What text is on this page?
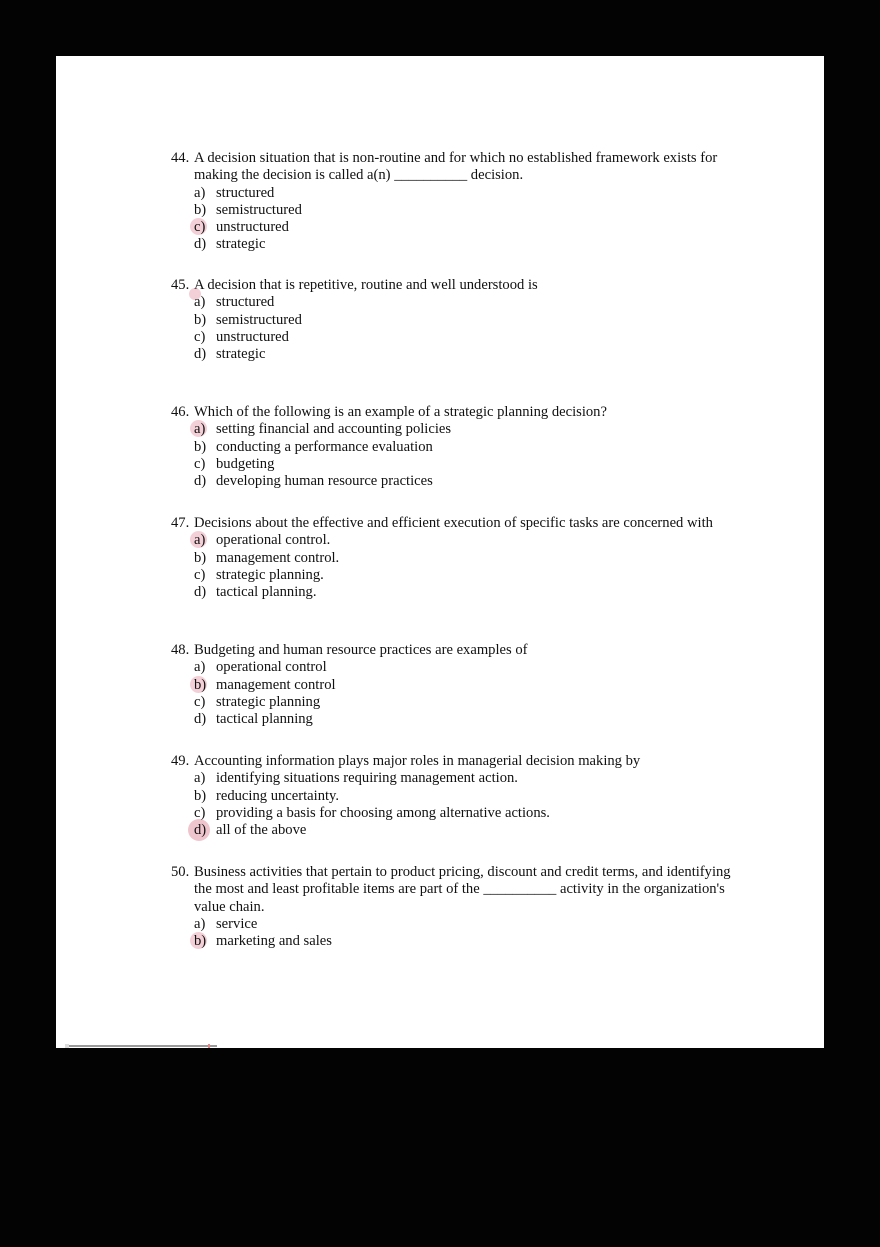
44. A decision situation that is non-routine and for which no established framework exists for making the decision is called a(n) __________ decision.
a) structured
b) semistructured
c) unstructured
d) strategic
45. A decision that is repetitive, routine and well understood is
a) structured
b) semistructured
c) unstructured
d) strategic
46. Which of the following is an example of a strategic planning decision?
a) setting financial and accounting policies
b) conducting a performance evaluation
c) budgeting
d) developing human resource practices
47. Decisions about the effective and efficient execution of specific tasks are concerned with
a) operational control.
b) management control.
c) strategic planning.
d) tactical planning.
48. Budgeting and human resource practices are examples of
a) operational control
b) management control
c) strategic planning
d) tactical planning
49. Accounting information plays major roles in managerial decision making by
a) identifying situations requiring management action.
b) reducing uncertainty.
c) providing a basis for choosing among alternative actions.
d) all of the above
50. Business activities that pertain to product pricing, discount and credit terms, and identifying the most and least profitable items are part of the __________ activity in the organization's value chain.
a) service
b) marketing and sales
